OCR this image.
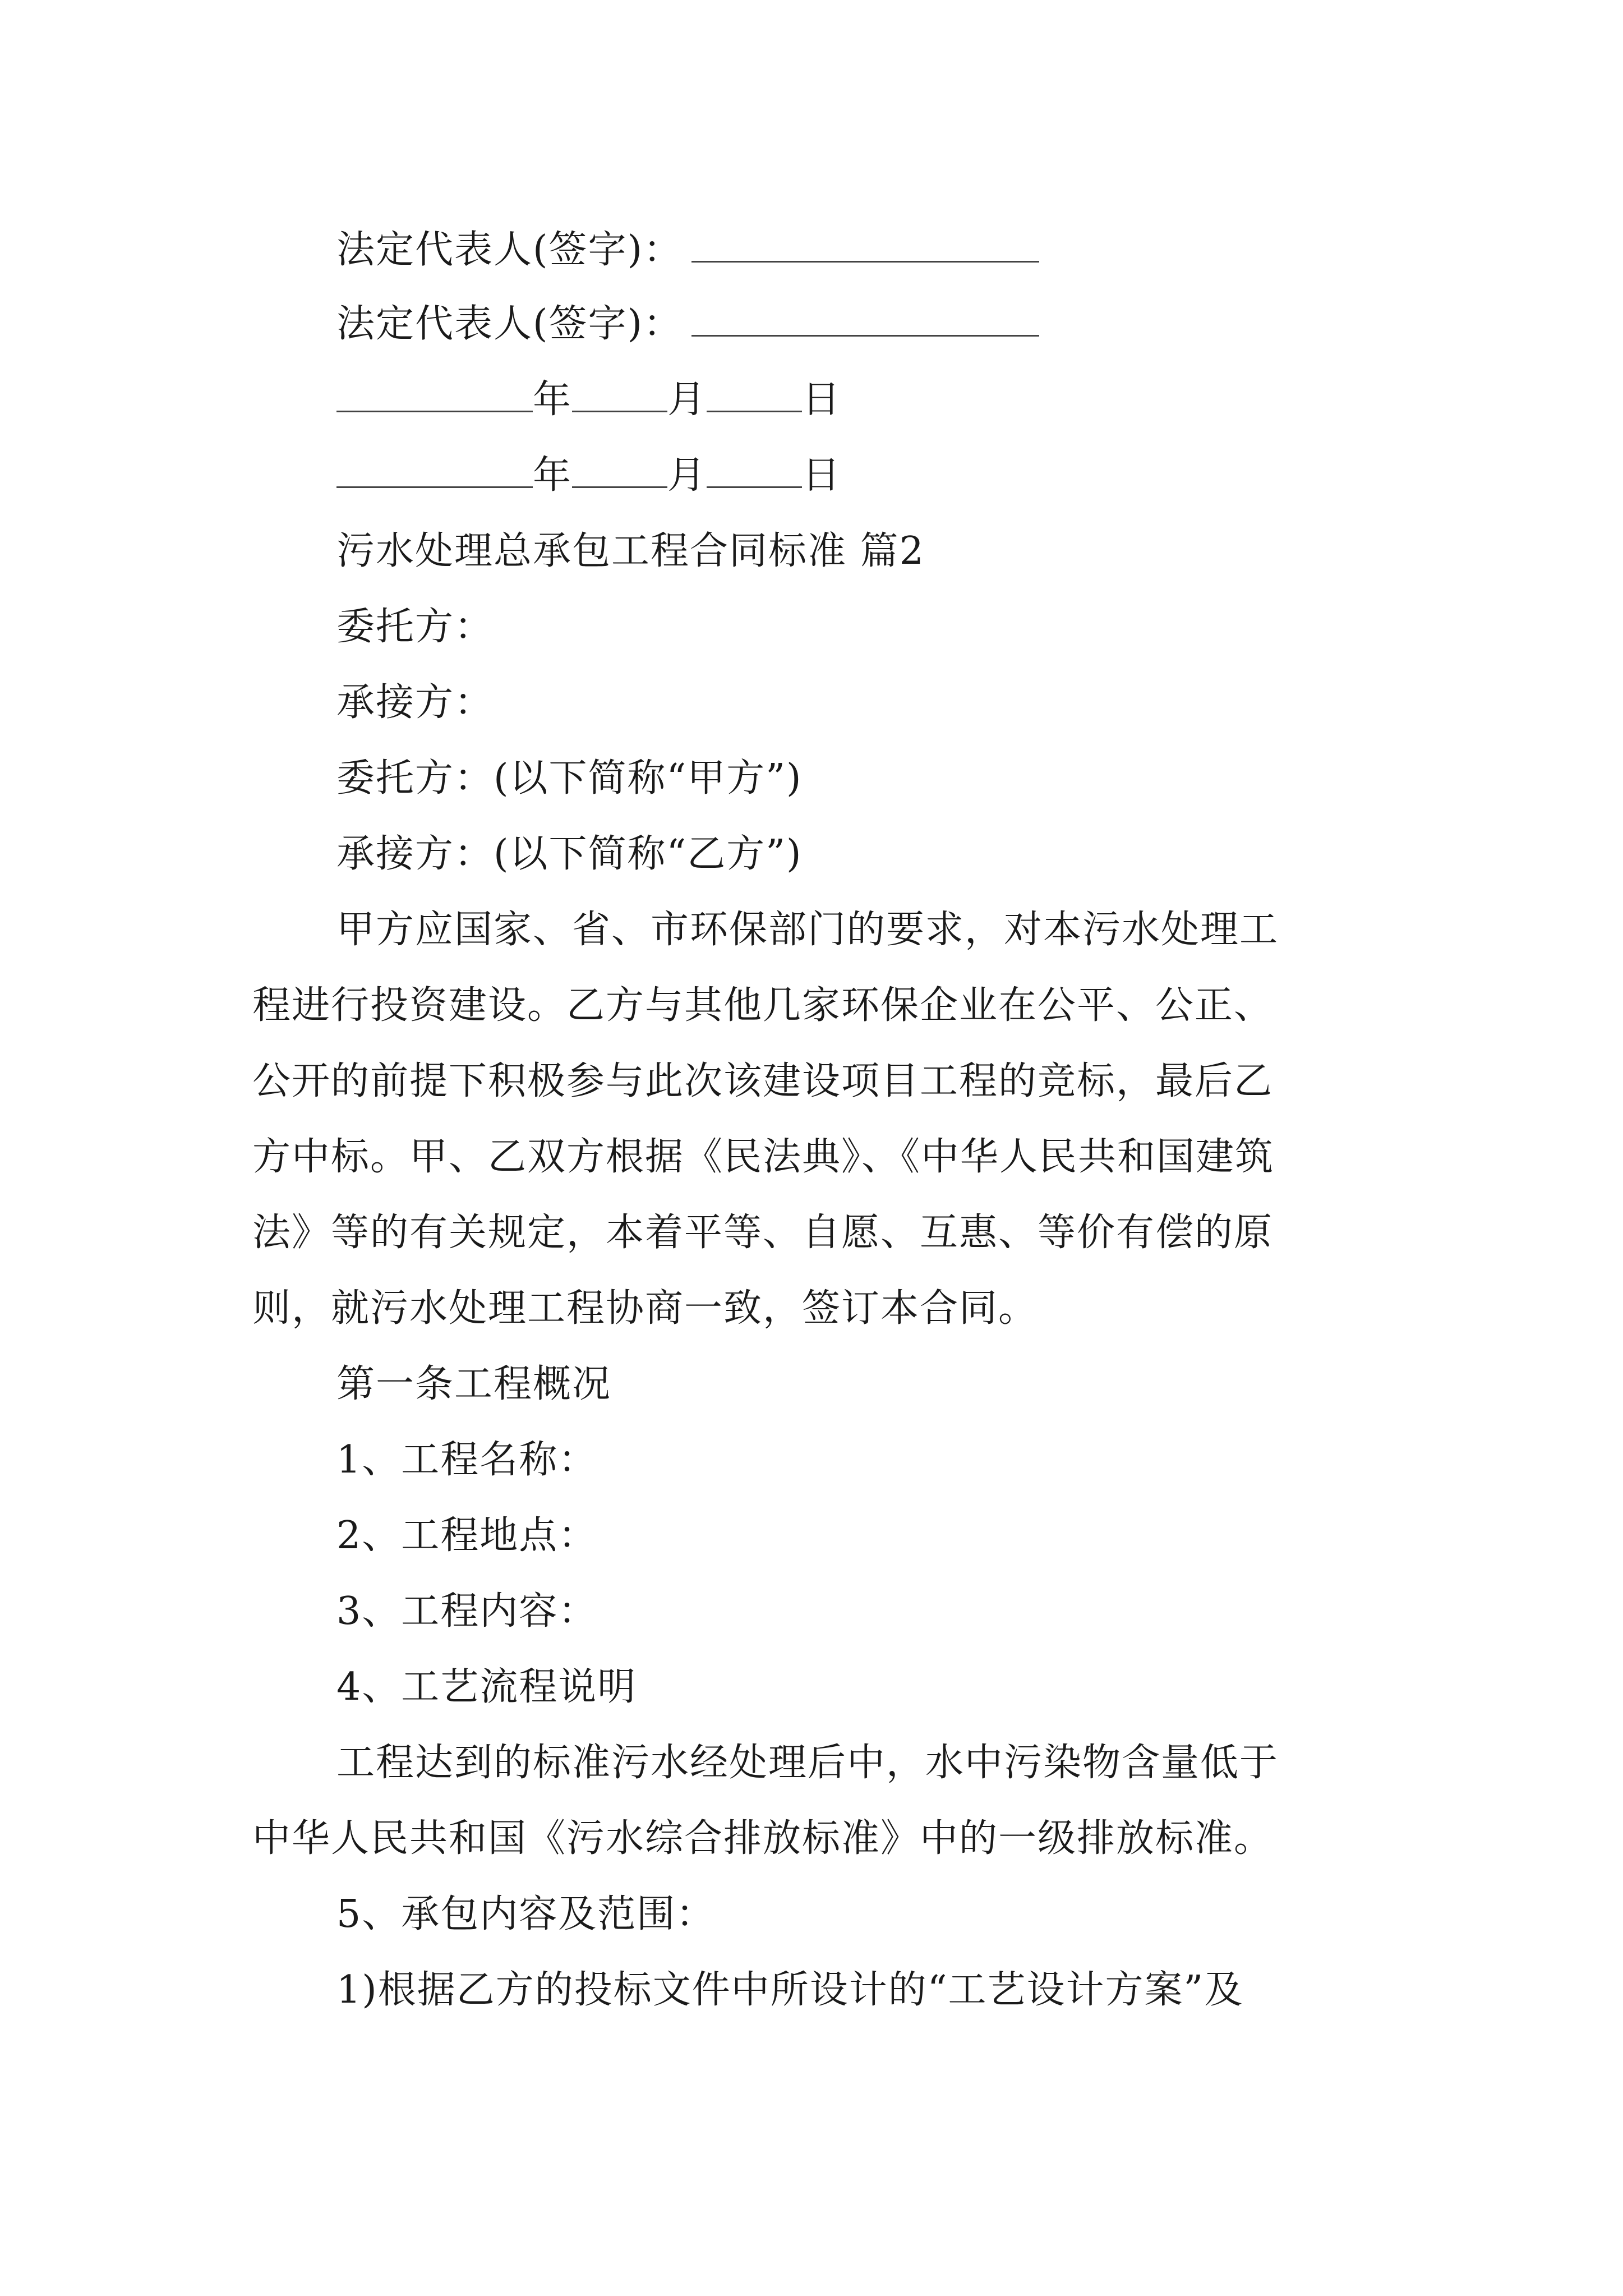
法定代表人(签字)：

法定代表人(签字)：

年	月	日

年	月	日

污水处理总承包工程合同标准 篇2

委托方：

承接方：

委托方：(以下简称“甲方”)

承接方：(以下简称“乙方”)

甲方应国家、省、市环保部门的要求，对本污水处理工

程进行投资建设。乙方与其他几家环保企业在公平、公正、

公开的前提下积极参与此次该建设项目工程的竞标，最后乙

方中标。甲、乙双方根据《民法典》、《中华人民共和国建筑

法》等的有关规定，本着平等、自愿、互惠、等价有偿的原

则，就污水处理工程协商一致，签订本合同。

第一条工程概况

1、工程名称：

2、工程地点：

3、工程内容：

4、工艺流程说明

工程达到的标准污水经处理后中，水中污染物含量低于

中华人民共和国《污水综合排放标准》中的一级排放标准。

5、承包内容及范围：

1)根据乙方的投标文件中所设计的“工艺设计方案”及
